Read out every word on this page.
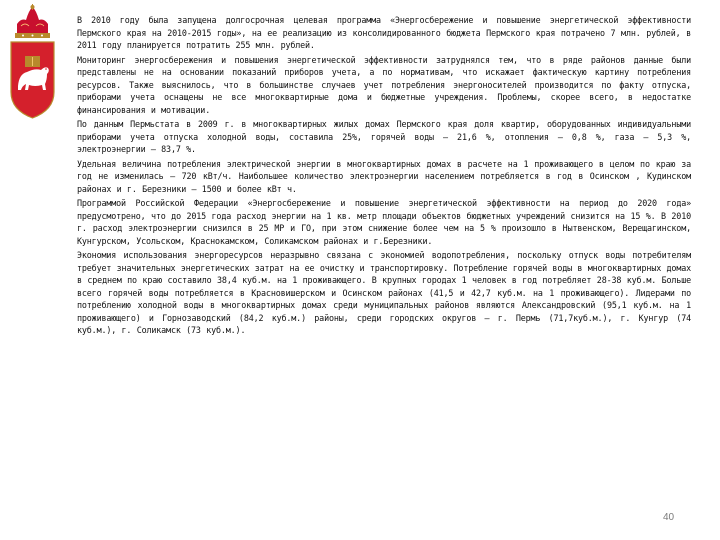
В 2010 году была запущена долгосрочная целевая программа «Энергосбережение и повышение энергетической эффективности Пермского края на 2010-2015 годы», на ее реализацию из консолидированного бюджета Пермского края потрачено 7 млн. рублей, в 2011 году планируется потратить 255 млн. рублей.

Мониторинг энергосбережения и повышения энергетической эффективности затруднялся тем, что в ряде районов данные были представлены не на основании показаний приборов учета, а по нормативам, что искажает фактическую картину потребления ресурсов. Также выяснилось, что в большинстве случаев учет потребления энергоносителей производится по факту отпуска, приборами учета оснащены не все многоквартирные дома и бюджетные учреждения. Проблемы, скорее всего, в недостатке финансирования и мотивации.

По данным Пермьстата в 2009 г. в многоквартирных жилых домах Пермского края доля квартир, оборудованных индивидуальными приборами учета отпуска холодной воды, составила 25%, горячей воды – 21,6 %, отопления – 0,8 %, газа – 5,3 %, электроэнергии – 83,7 %.

Удельная величина потребления электрической энергии в многоквартирных домах в расчете на 1 проживающего в целом по краю за год не изменилась – 720 кВт/ч. Наибольшее количество электроэнергии населением потребляется в год в Осинском , Кудинском районах и г. Березники – 1500 и более кВт ч.

Программой Российской Федерации «Энергосбережение и повышение энергетической эффективности на период до 2020 года» предусмотрено, что до 2015 года расход энергии на 1 кв. метр площади объектов бюджетных учреждений снизится на 15 %. В 2010 г. расход электроэнергии снизился в 25 МР и ГО, при этом снижение более чем на 5 % произошло в Нытвенском, Верещагинском, Кунгурском, Усольском, Краснокамском, Соликамском районах и г.Березники.

Экономия использования энергоресурсов неразрывно связана с экономией водопотребления, поскольку отпуск воды потребителям требует значительных энергетических затрат на ее очистку и транспортировку. Потребление горячей воды в многоквартирных домах в среднем по краю составило 38,4 куб.м. на 1 проживающего. В крупных городах 1 человек в год потребляет 28-38 куб.м. Больше всего горячей воды потребляется в Красновишерском и Осинском районах (41,5 и 42,7 куб.м. на 1 проживающего). Лидерами по потреблению холодной воды в многоквартирных домах среди муниципальных районов являются Александровский (95,1 куб.м. на 1 проживающего) и Горнозаводский (84,2 куб.м.) районы, среди городских округов – г. Пермь (71,7куб.м.), г. Кунгур (74 куб.м.), г. Соликамск (73 куб.м.).

40
